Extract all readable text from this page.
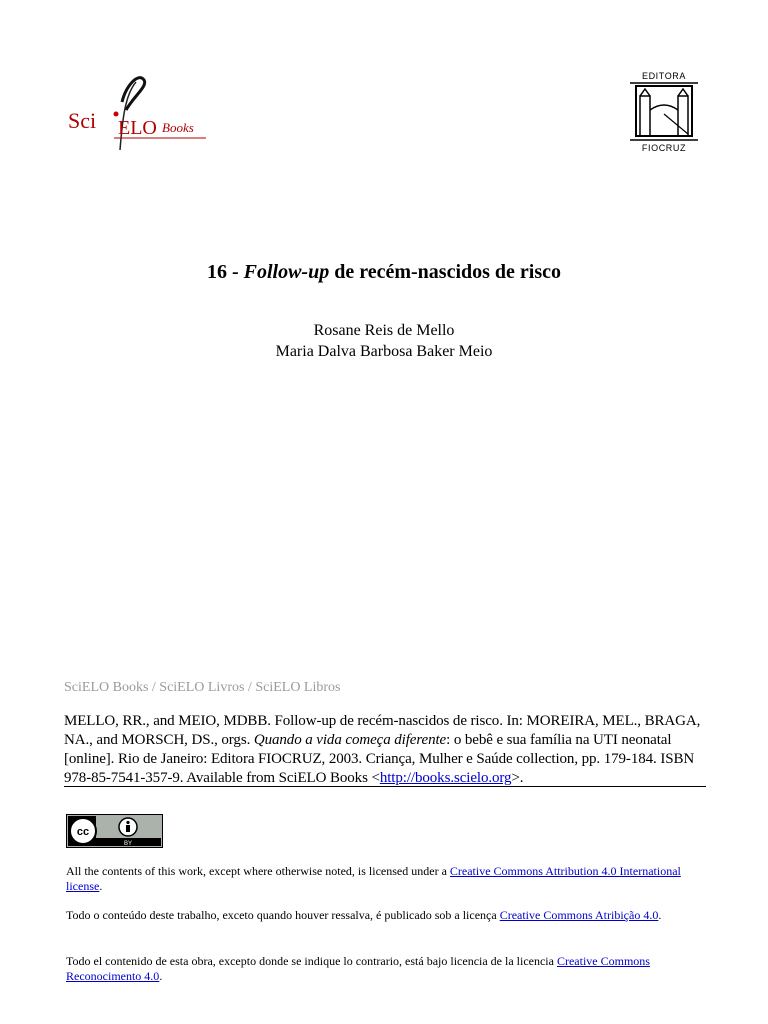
Sci ELO Books
EDITORA
FIOCRUZ
16 - Follow-up de recém-nascidos de risco
Rosane Reis de Mello
Maria Dalva Barbosa Baker Meio
SciELO Books / SciELO Livros / SciELO Libros
MELLO, RR., and MEIO, MDBB. Follow-up de recém-nascidos de risco. In: MOREIRA, MEL., BRAGA, NA., and MORSCH, DS., orgs. Quando a vida começa diferente: o bebê e sua família na UTI neonatal [online]. Rio de Janeiro: Editora FIOCRUZ, 2003. Criança, Mulher e Saúde collection, pp. 179-184. ISBN 978-85-7541-357-9. Available from SciELO Books <http://books.scielo.org>.
cc
BY
All the contents of this work, except where otherwise noted, is licensed under a Creative Commons Attribution 4.0 International license.
Todo o conteúdo deste trabalho, exceto quando houver ressalva, é publicado sob a licença Creative Commons Atribição 4.0.
Todo el contenido de esta obra, excepto donde se indique lo contrario, está bajo licencia de la licencia Creative Commons Reconocimento 4.0.
